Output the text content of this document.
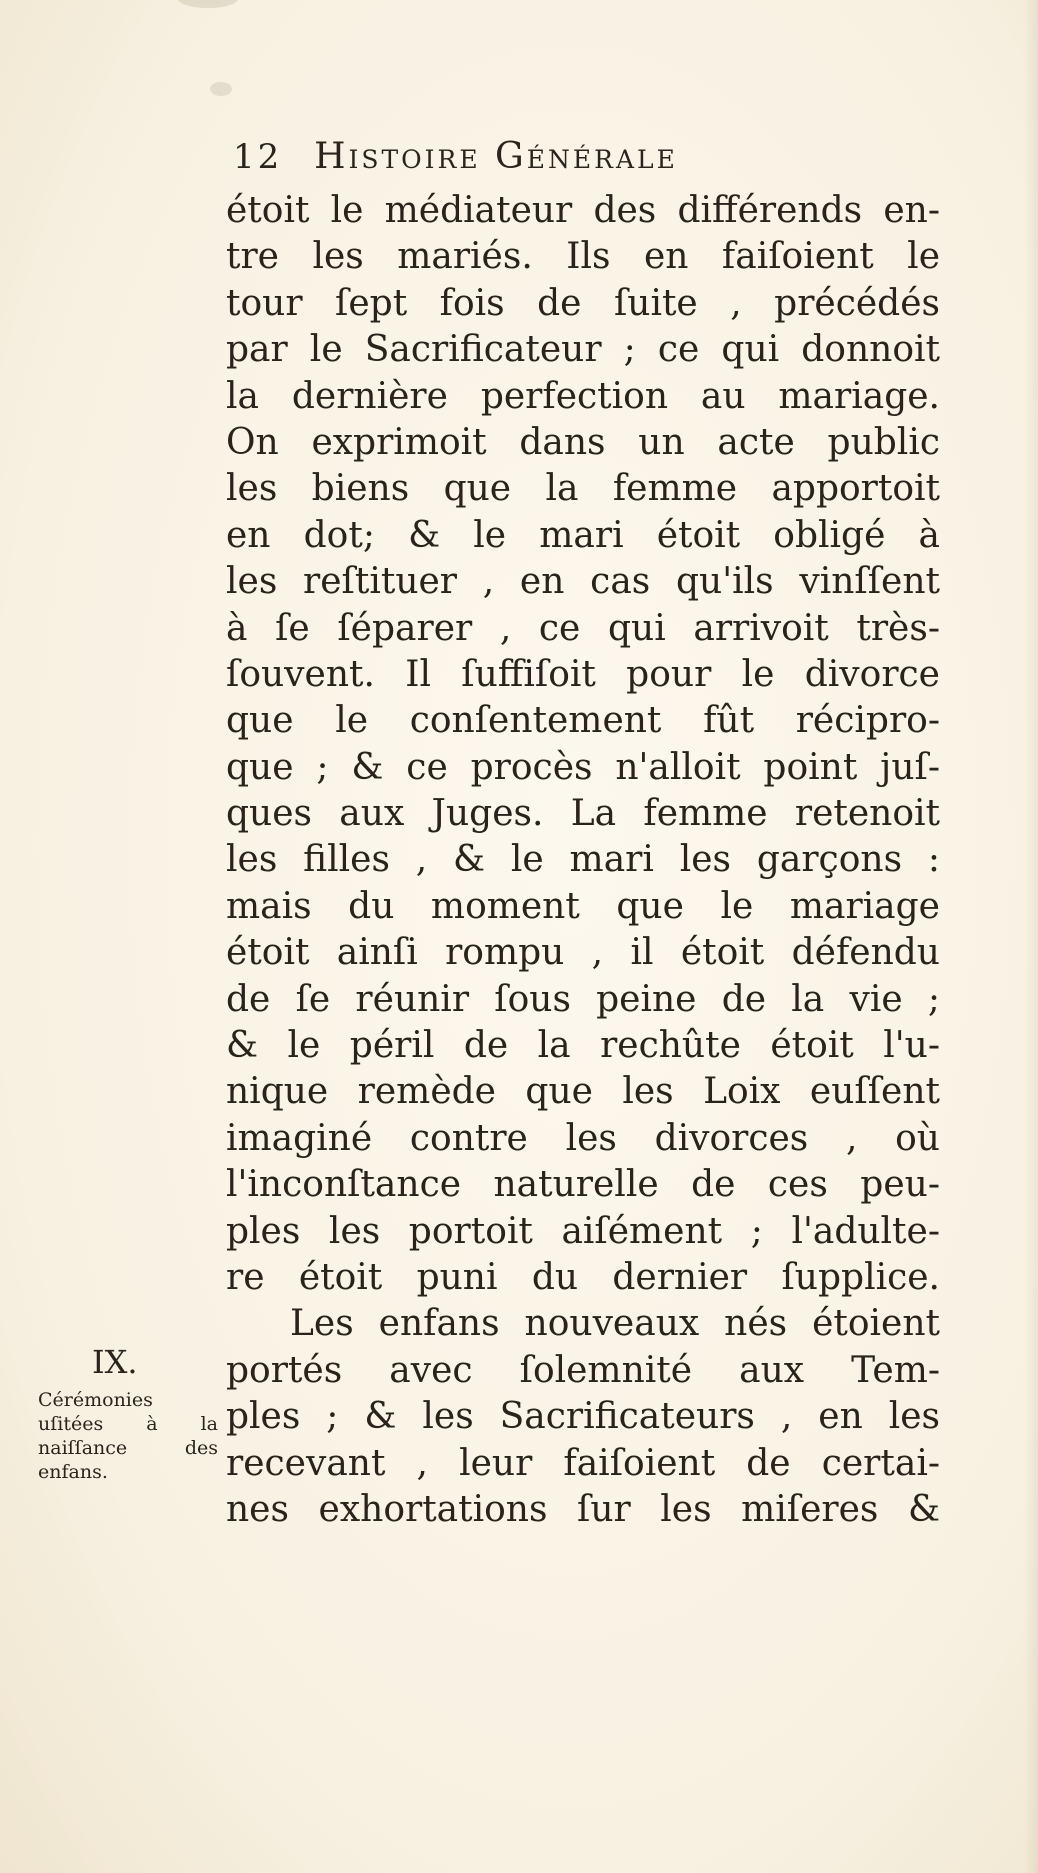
12 Histoire Générale
étoit le médiateur des différends en-
tre les mariés. Ils en faiſoient le
tour ſept fois de ſuite , précédés
par le Sacrificateur ; ce qui donnoit
la dernière perfection au mariage.
On exprimoit dans un acte public
les biens que la femme apportoit
en dot; & le mari étoit obligé à
les reſtituer , en cas qu'ils vinſſent
à ſe ſéparer , ce qui arrivoit très-
ſouvent. Il ſuffiſoit pour le divorce
que le conſentement fût récipro-
que ; & ce procès n'alloit point juſ-
ques aux Juges. La femme retenoit
les filles , & le mari les garçons :
mais du moment que le mariage
étoit ainſi rompu , il étoit défendu
de ſe réunir ſous peine de la vie ;
& le péril de la rechûte étoit l'u-
nique remède que les Loix euſſent
imaginé contre les divorces , où
l'inconſtance naturelle de ces peu-
ples les portoit aiſément ; l'adulte-
re étoit puni du dernier ſupplice.
Les enfans nouveaux nés étoient
portés avec ſolemnité aux Tem-
ples ; & les Sacrificateurs , en les
recevant , leur faiſoient de certai-
nes exhortations ſur les miſeres &
IX.
Cérémonies
uſitées à la
naiſſance des
enfans.
